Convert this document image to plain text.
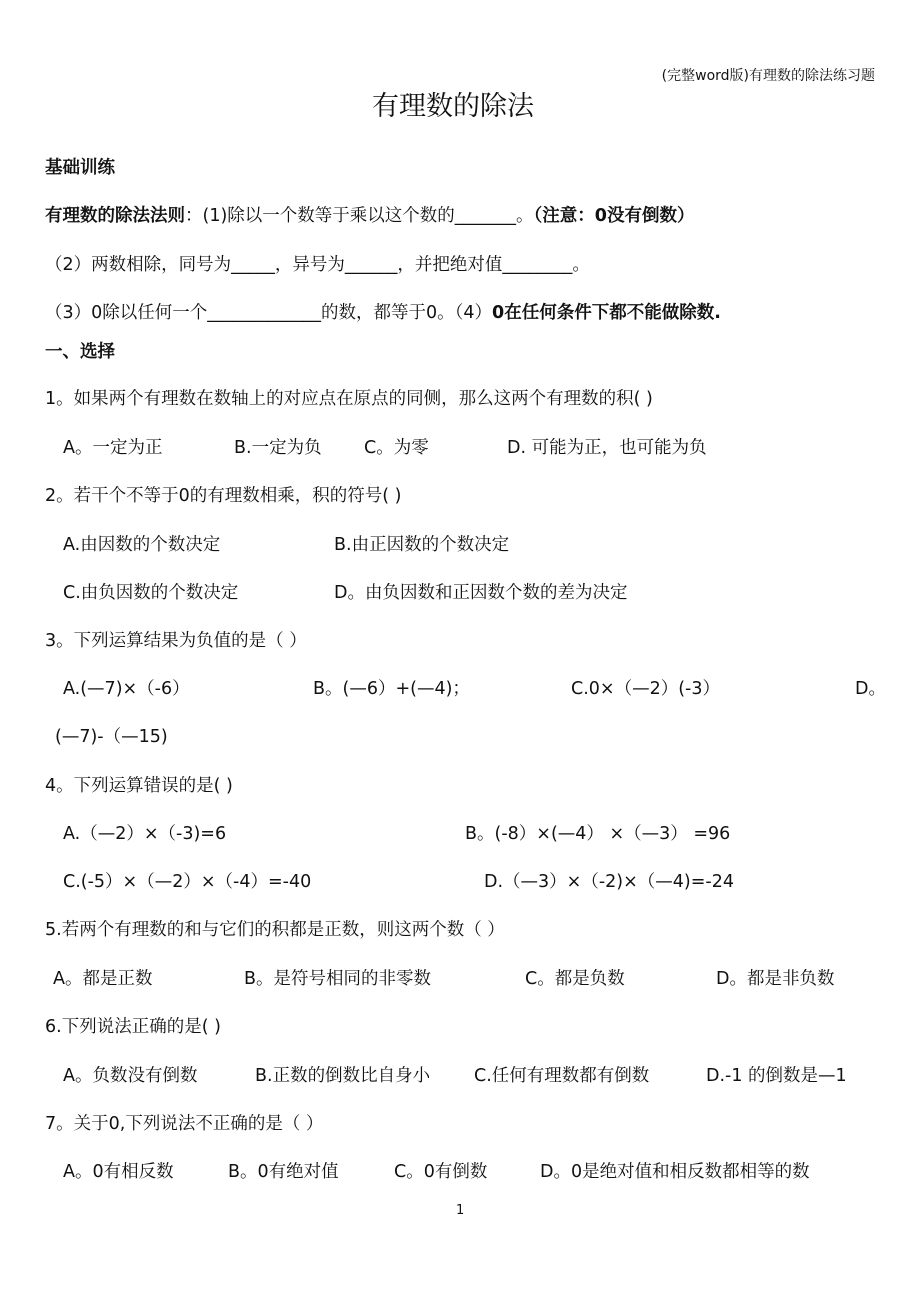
(完整word版)有理数的除法练习题
有理数的除法
基础训练
有理数的除法法则：(1)除以一个数等于乘以这个数的_______。（注意：0没有倒数）
（2）两数相除，同号为_____，异号为______，并把绝对值________。
（3）0除以任何一个_____________的数，都等于0。（4）0在任何条件下都不能做除数.
一、选择
1。如果两个有理数在数轴上的对应点在原点的同侧，那么这两个有理数的积( )
A。一定为正	B.一定为负 C。为零	D. 可能为正，也可能为负
2。若干个不等于0的有理数相乘，积的符号( )
A.由因数的个数决定	B.由正因数的个数决定
C.由负因数的个数决定	D。由负因数和正因数个数的差为决定
3。下列运算结果为负值的是（ ）
A.(—7)×（-6）	B。(—6）+(—4)；	C.0×（—2）(-3）	D。
(—7)-（—15)
4。下列运算错误的是( )
A.（—2）×（-3)=6	B。(-8）×(—4） ×（—3） =96
C.(-5）×（—2）×（-4）=-40	D.（—3）×（-2)×（—4)=-24
5.若两个有理数的和与它们的积都是正数，则这两个数（ ）
A。都是正数	B。是符号相同的非零数	C。都是负数	D。都是非负数
6.下列说法正确的是( )
A。负数没有倒数	B.正数的倒数比自身小	C.任何有理数都有倒数	D.-1 的倒数是—1
7。关于0,下列说法不正确的是（ ）
A。0有相反数	B。0有绝对值	C。0有倒数	D。0是绝对值和相反数都相等的数
1
